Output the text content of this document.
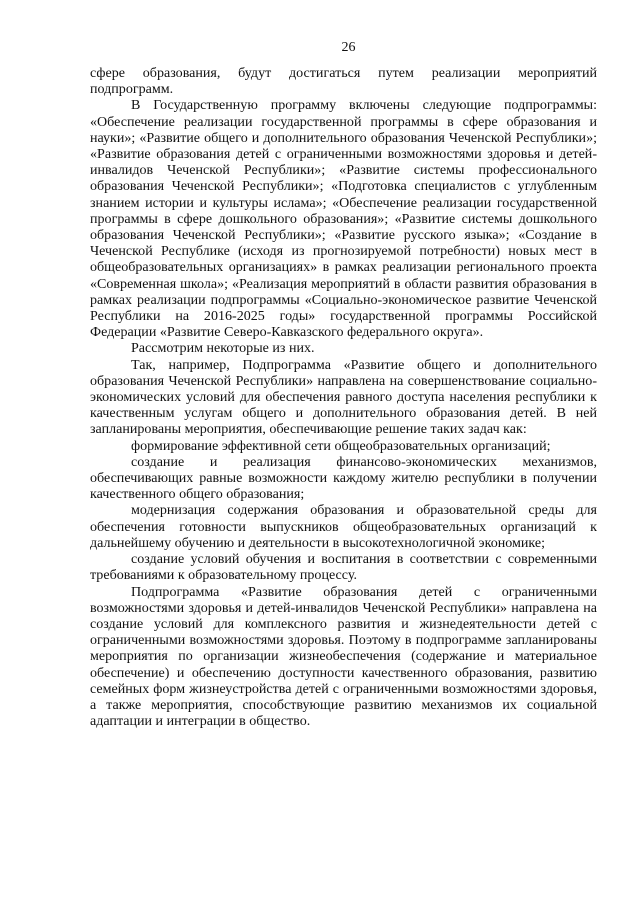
26

сфере образования, будут достигаться путем реализации мероприятий подпрограмм.

В Государственную программу включены следующие подпрограммы: «Обеспечение реализации государственной программы в сфере образования и науки»; «Развитие общего и дополнительного образования Чеченской Республики»; «Развитие образования детей с ограниченными возможностями здоровья и детей-инвалидов Чеченской Республики»; «Развитие системы профессионального образования Чеченской Республики»; «Подготовка специалистов с углубленным знанием истории и культуры ислама»; «Обеспечение реализации государственной программы в сфере дошкольного образования»; «Развитие системы дошкольного образования Чеченской Республики»; «Развитие русского языка»; «Создание в Чеченской Республике (исходя из прогнозируемой потребности) новых мест в общеобразовательных организациях» в рамках реализации регионального проекта «Современная школа»; «Реализация мероприятий в области развития образования в рамках реализации подпрограммы «Социально-экономическое развитие Чеченской Республики на 2016-2025 годы» государственной программы Российской Федерации «Развитие Северо-Кавказского федерального округа».

Рассмотрим некоторые из них.

Так, например, Подпрограмма «Развитие общего и дополнительного образования Чеченской Республики» направлена на совершенствование социально-экономических условий для обеспечения равного доступа населения республики к качественным услугам общего и дополнительного образования детей. В ней запланированы мероприятия, обеспечивающие решение таких задач как:

формирование эффективной сети общеобразовательных организаций;

создание и реализация финансово-экономических механизмов, обеспечивающих равные возможности каждому жителю республики в получении качественного общего образования;

модернизация содержания образования и образовательной среды для обеспечения готовности выпускников общеобразовательных организаций к дальнейшему обучению и деятельности в высокотехнологичной экономике;

создание условий обучения и воспитания в соответствии с современными требованиями к образовательному процессу.

Подпрограмма «Развитие образования детей с ограниченными возможностями здоровья и детей-инвалидов Чеченской Республики» направлена на создание условий для комплексного развития и жизнедеятельности детей с ограниченными возможностями здоровья. Поэтому в подпрограмме запланированы мероприятия по организации жизнеобеспечения (содержание и материальное обеспечение) и обеспечению доступности качественного образования, развитию семейных форм жизнеустройства детей с ограниченными возможностями здоровья, а также мероприятия, способствующие развитию механизмов их социальной адаптации и интеграции в общество.
